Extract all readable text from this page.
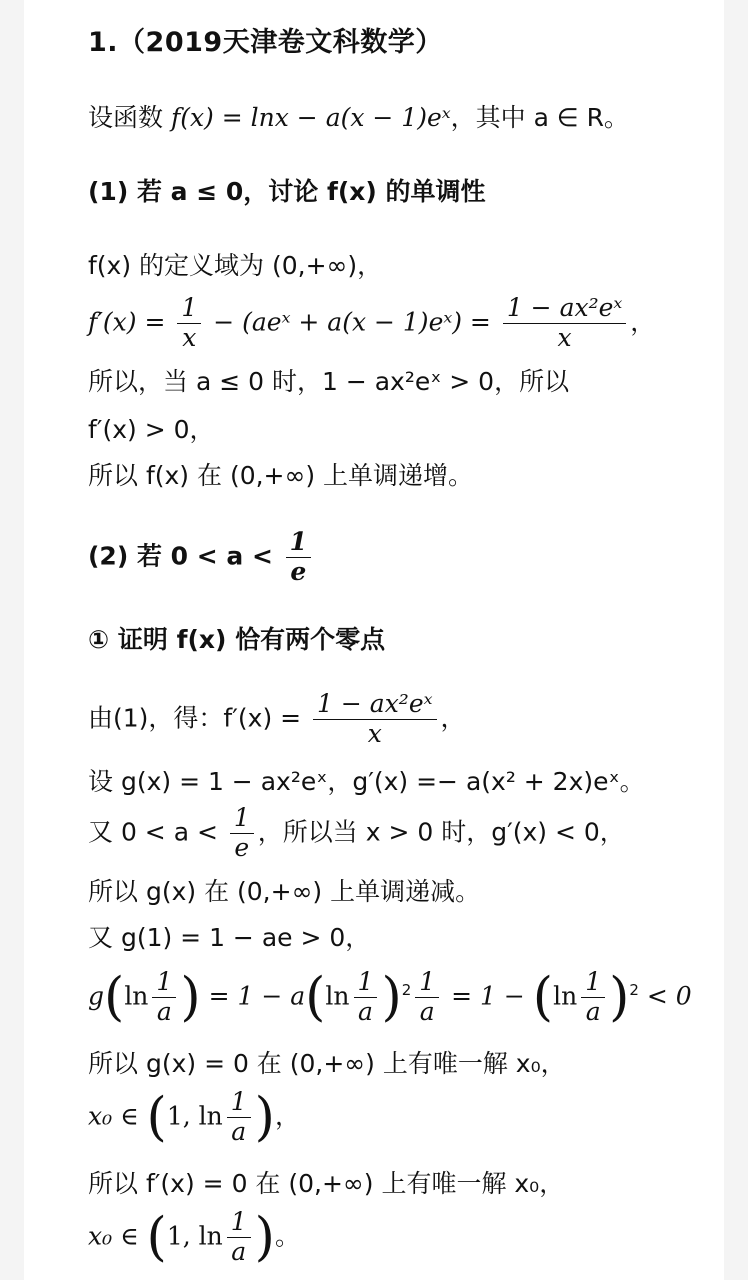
1.（2019天津卷文科数学）
设函数 f(x) = lnx − a(x − 1)eˣ，其中 a ∈ R。
(1) 若 a ≤ 0，讨论 f(x) 的单调性
f(x) 的定义域为 (0,+∞)，
$f'(x) = \frac{1}{x}$ − (aeˣ + a(x − 1)eˣ) = $\frac{\text{1 − ax²eˣ}}{x}$ ，
所以，当 a ≤ 0 时，1 − ax²eˣ > 0，所以
f′(x) > 0，
所以 f(x) 在 (0,+∞) 上单调递增。
(2) 若 $0 < a < \frac{1}{e}$
① 证明 f(x) 恰有两个零点
由(1)，得：$f'(x) = \frac{\text{1 − ax²eˣ}}{x}$ ，
设 g(x) = 1 − ax²eˣ，g′(x) =− a(x² + 2x)eˣ。
又 $0 < a < \frac{1}{e}$ ，所以当 x > 0 时，g′(x) < 0，
所以 g(x) 在 (0,+∞) 上单调递减。
又 g(1) = 1 − ae > 0，
$g(\ln \frac{1}{a}$ ) = $1 - a(\ln \frac{1}{a} )^2 \frac{1}{a} = 1 - (\ln \frac{1}{a} )^2 < 0$
所以 g(x) = 0 在 (0,+∞) 上有唯一解 x₀，
x₀ ∈ (1, $\ln \frac{1}{a}$ )，
所以 f′(x) = 0 在 (0,+∞) 上有唯一解 x₀，
x₀ ∈ (1, $\ln \frac{1}{a}$ )。
